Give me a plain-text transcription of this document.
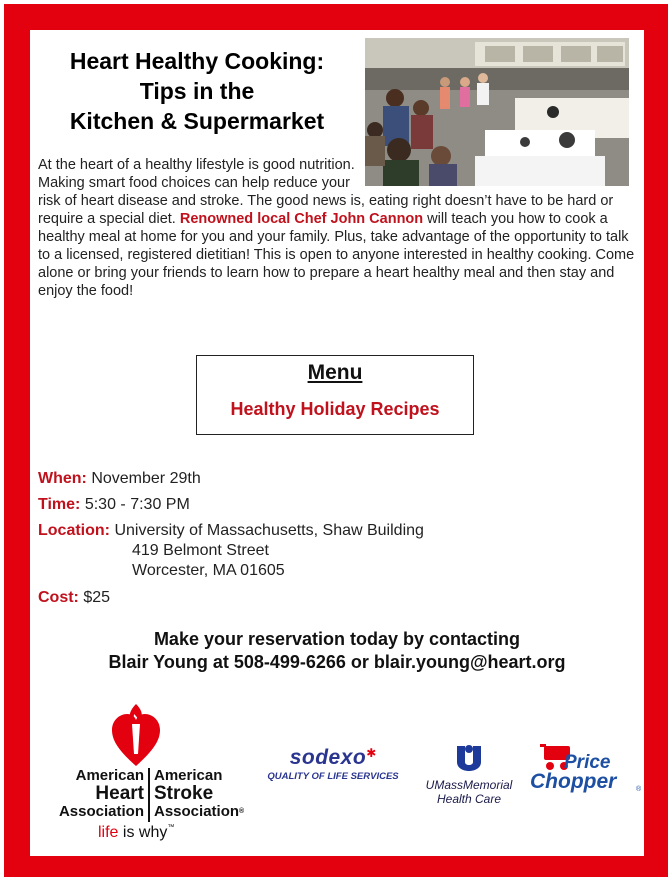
Heart Healthy Cooking:
Tips in the
Kitchen & Supermarket
At the heart of a healthy lifestyle is good nutrition. Making smart food choices can help reduce your risk of heart disease and stroke. The good news is, eating right doesn’t have to be hard or require a special diet. Renowned local Chef John Cannon will teach you how to cook a healthy meal at home for you and your family. Plus, take advantage of the opportunity to talk to a licensed, registered dietitian! This is open to anyone interested in healthy cooking. Come alone or bring your friends to learn how to prepare a heart healthy meal and then stay and enjoy the food!
Menu
Healthy Holiday Recipes
When: November 29th
Time: 5:30 - 7:30 PM
Location: University of Massachusetts, Shaw Building
419 Belmont Street
Worcester, MA 01605
Cost: $25
Make your reservation today by contacting
Blair Young at 508-499-6266 or blair.young@heart.org
American
Heart
Association
American
Stroke
Association®
life is why™
sodexo✱
QUALITY OF LIFE SERVICES
UMassMemorial
Health Care
Price
Chopper	®
